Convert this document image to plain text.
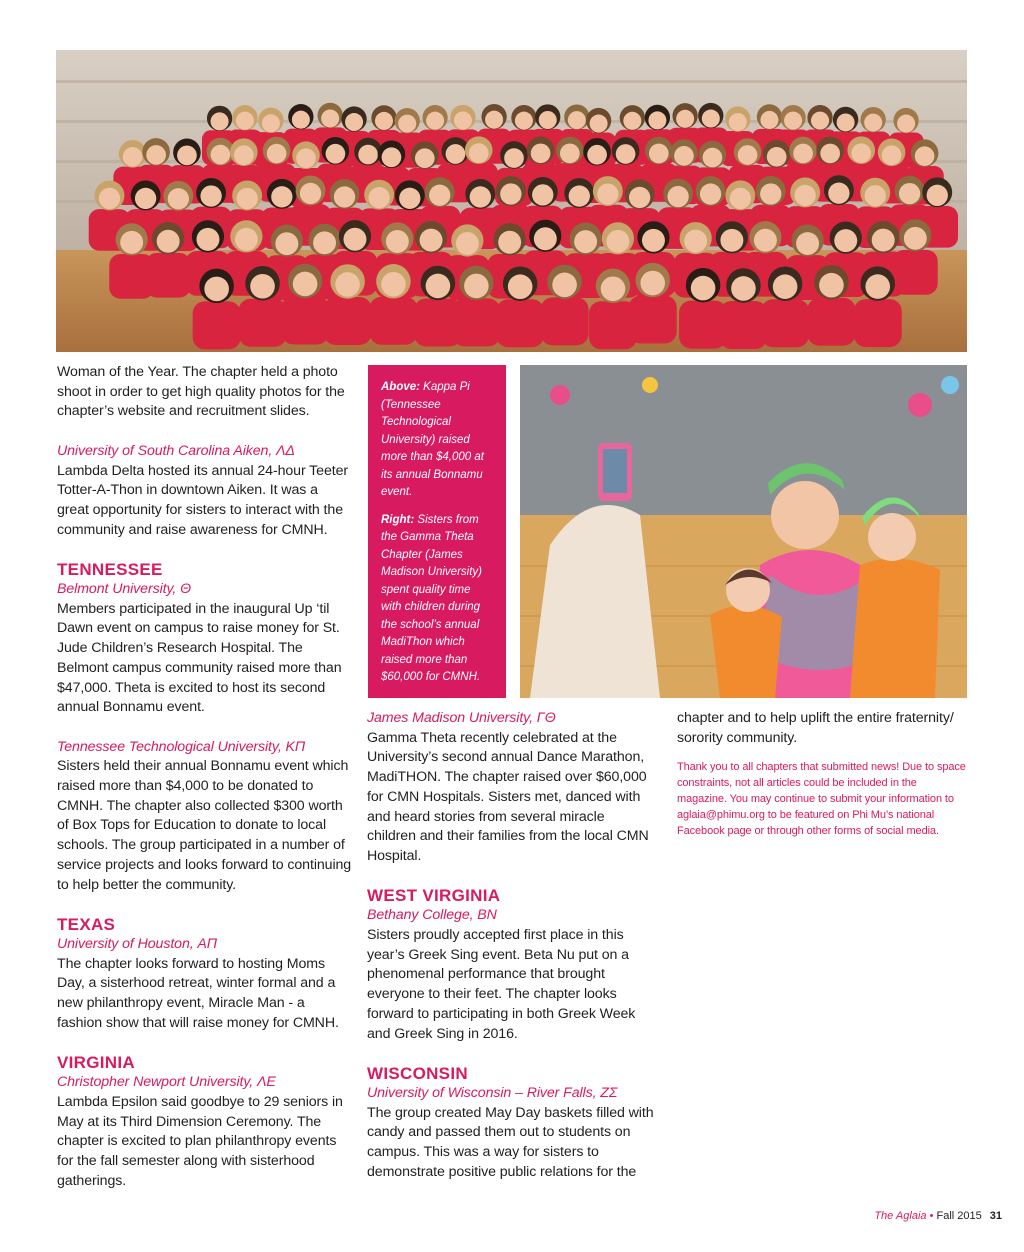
Above: Kappa Pi (Tennessee Technological University) raised more than $4,000 at its annual Bonnamu event.

Right: Sisters from the Gamma Theta Chapter (James Madison University) spent quality time with children during the school’s annual MadiThon which raised more than $60,000 for CMNH.

Woman of the Year. The chapter held a photo shoot in order to get high quality photos for the chapter’s website and recruitment slides.

University of South Carolina Aiken, ΛΔ

Lambda Delta hosted its annual 24-hour Teeter Totter-A-Thon in downtown Aiken. It was a great opportunity for sisters to interact with the community and raise awareness for CMNH.

TENNESSEE

Belmont University, Θ

Members participated in the inaugural Up ‘til Dawn event on campus to raise money for St. Jude Children’s Research Hospital. The Belmont campus community raised more than $47,000. Theta is excited to host its second annual Bonnamu event.

Tennessee Technological University, ΚΠ

Sisters held their annual Bonnamu event which raised more than $4,000 to be donated to CMNH. The chapter also collected $300 worth of Box Tops for Education to donate to local schools. The group participated in a number of service projects and looks forward to continuing to help better the community.

TEXAS

University of Houston, ΑΠ

The chapter looks forward to hosting Moms Day, a sisterhood retreat, winter formal and a new philanthropy event, Miracle Man - a fashion show that will raise money for CMNH.

VIRGINIA

Christopher Newport University, ΛΕ

Lambda Epsilon said goodbye to 29 seniors in May at its Third Dimension Ceremony. The chapter is excited to plan philanthropy events for the fall semester along with sisterhood gatherings.

James Madison University, ΓΘ

Gamma Theta recently celebrated at the University’s second annual Dance Marathon, MadiTHON. The chapter raised over $60,000 for CMN Hospitals. Sisters met, danced with and heard stories from several miracle children and their families from the local CMN Hospital.

WEST VIRGINIA

Bethany College, ΒΝ

Sisters proudly accepted first place in this year’s Greek Sing event. Beta Nu put on a phenomenal performance that brought everyone to their feet. The chapter looks forward to participating in both Greek Week and Greek Sing in 2016.

WISCONSIN

University of Wisconsin – River Falls, ΖΣ

The group created May Day baskets filled with candy and passed them out to students on campus. This was a way for sisters to demonstrate positive public relations for the

chapter and to help uplift the entire fraternity/ sorority community.

Thank you to all chapters that submitted news! Due to space constraints, not all articles could be included in the magazine. You may continue to submit your information to aglaia@phimu.org to be featured on Phi Mu’s national Facebook page or through other forms of social media.

The Aglaia • Fall 2015 31
